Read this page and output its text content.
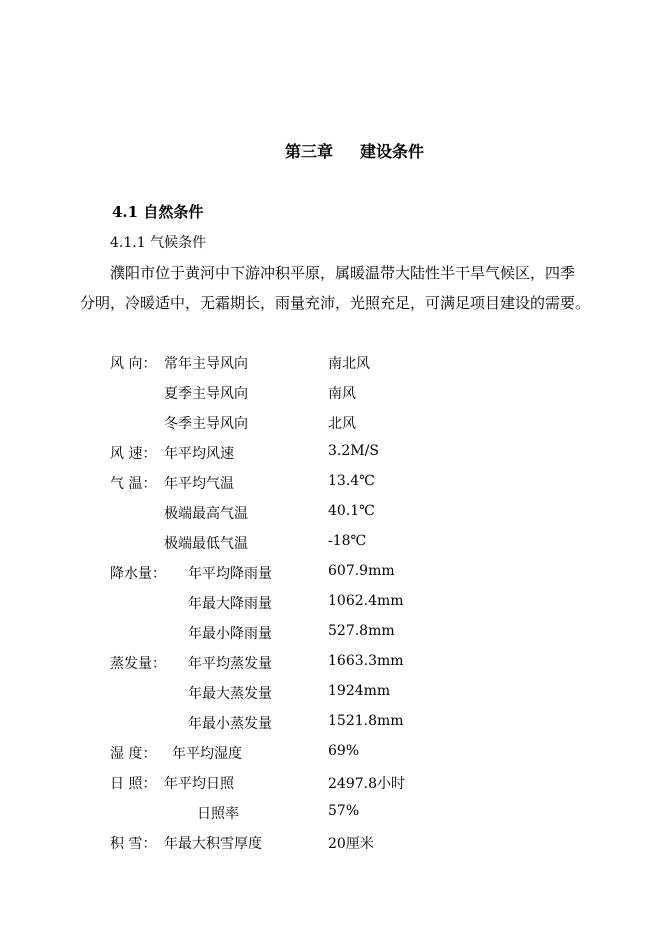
第三章 建设条件
4.1 自然条件
4.1.1 气候条件
濮阳市位于黄河中下游冲积平原，属暖温带大陆性半干旱气候区，四季
分明，冷暖适中，无霜期长，雨量充沛，光照充足，可满足项目建设的需要。
风 向： 常年主导风向	南北风
夏季主导风向	南风
冬季主导风向	北风
风 速： 年平均风速	3.2M/S
气 温： 年平均气温	13.4℃
极端最高气温	40.1℃
极端最低气温	-18℃
降水量： 年平均降雨量	607.9mm
年最大降雨量	1062.4mm
年最小降雨量	527.8mm
蒸发量： 年平均蒸发量	1663.3mm
年最大蒸发量	1924mm
年最小蒸发量	1521.8mm
湿 度： 年平均湿度	69%
日 照： 年平均日照	2497.8小时
日照率	57%
积 雪： 年最大积雪厚度	20厘米
